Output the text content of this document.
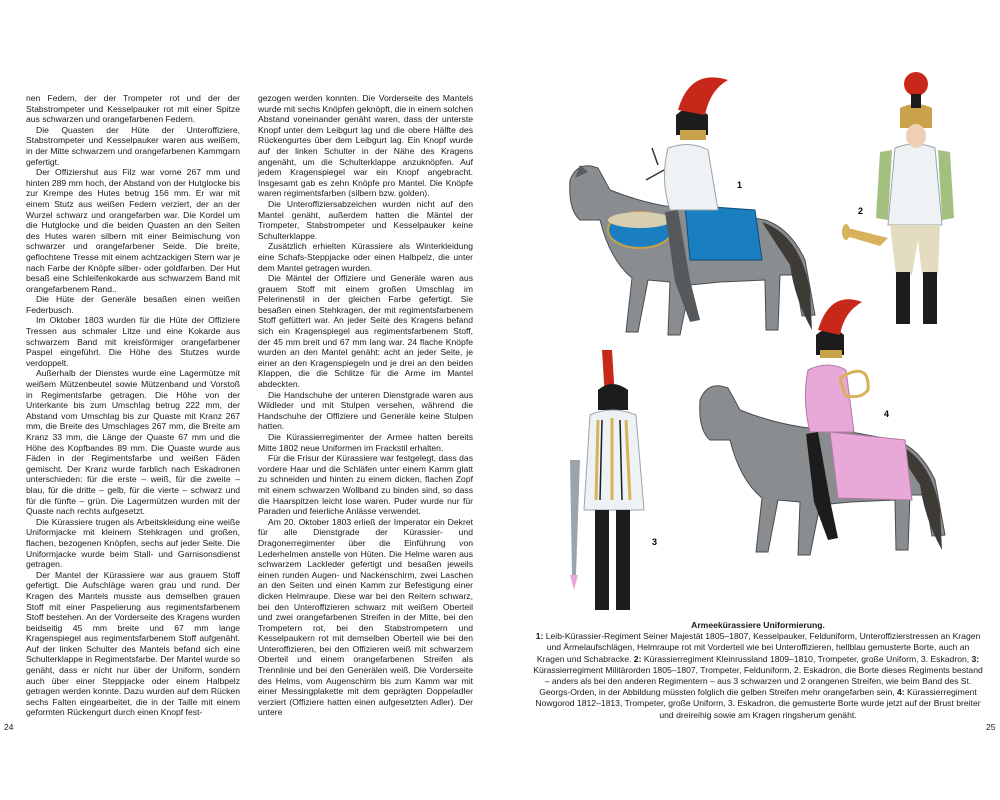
nen Federn, der der Trompeter rot und der der Stabstrompeter und Kesselpauker rot mit einer Spitze aus schwarzen und orangefarbenen Federn.

Die Quasten der Hüte der Unteroffiziere, Stabstrompeter und Kesselpauker waren aus weißem, in der Mitte schwarzem und orangefarbenen Kammgarn gefertigt.

Der Offiziershut aus Filz war vorne 267 mm und hinten 289 mm hoch, der Abstand von der Hutglocke bis zur Krempe des Hutes betrug 156 mm. Er war mit einem Stutz aus weißen Federn verziert, der an der Wurzel schwarz und orangefarben war. Die Kordel um die Hutglocke und die beiden Quasten an den Seiten des Hutes waren silbern mit einer Beimischung von schwarzer und orangefarbener Seide. Die breite, geflochtene Tresse mit einem achtzackigen Stern war je nach Farbe der Knöpfe silber- oder goldfarben. Der Hut besaß eine Schleifenkokarde aus schwarzem Band mit orangefarbenem Rand..

Die Hüte der Generäle besaßen einen weißen Federbusch.

Im Oktober 1803 wurden für die Hüte der Offiziere Tressen aus schmaler Litze und eine Kokarde aus schwarzem Band mit kreisförmiger orangefarbener Paspel eingeführt. Die Höhe des Stutzes wurde verdoppelt.

Außerhalb der Dienstes wurde eine Lagermütze mit weißem Mützenbeutel sowie Mützenband und Vorstoß in Regimentsfarbe getragen. Die Höhe von der Unterkante bis zum Umschlag betrug 222 mm, der Abstand vom Umschlag bis zur Quaste mit Kranz 267 mm, die Breite des Umschlages 267 mm, die Breite am Kranz 33 mm, die Länge der Quaste 67 mm und die Höhe des Kopfbandes 89 mm. Die Quaste wurde aus Fäden in der Regimentsfarbe und weißen Fäden gemischt. Der Kranz wurde farblich nach Eskadronen unterschieden: für die erste – weiß, für die zweite – blau, für die dritte – gelb, für die vierte – schwarz und für die fünfte – grün. Die Lagermützen wurden mit der Quaste nach rechts aufgesetzt.

Die Kürassiere trugen als Arbeitskleidung eine weiße Uniformjacke mit kleinem Stehkragen und großen, flachen, bezogenen Knöpfen, sechs auf jeder Seite. Die Uniformjacke wurde beim Stall- und Garnisonsdienst getragen.

Der Mantel der Kürassiere war aus grauem Stoff gefertigt. Die Aufschläge waren grau und rund. Der Kragen des Mantels musste aus demselben grauen Stoff mit einer Paspelierung aus regimentsfarbenem Stoff bestehen. An der Vorderseite des Kragens wurden beidseitig 45 mm breite und 67 mm lange Kragenspiegel aus regimentsfarbenem Stoff aufgenäht. Auf der linken Schulter des Mantels befand sich eine Schulterklappe in Regimentsfarbe. Der Mantel wurde so genäht, dass er nicht nur über der Uniform, sondern auch über einer Steppjacke oder einem Halbpelz getragen werden konnte. Dazu wurden auf dem Rücken sechs Falten eingearbeitet, die in der Taille mit einem geformten Rückengurt durch einen Knopf fest-

gezogen werden konnten. Die Vorderseite des Mantels wurde mit sechs Knöpfen geknöpft, die in einem solchen Abstand voneinander genäht waren, dass der unterste Knopf unter dem Leibgurt lag und die obere Hälfte des Rückengurtes über dem Leibgurt lag. Ein Knopf wurde auf der linken Schulter in der Nähe des Kragens angenäht, um die Schulterklappe anzuknöpfen. Auf jedem Kragenspiegel war ein Knopf angebracht. Insgesamt gab es zehn Knöpfe pro Mantel. Die Knöpfe waren regimentsfarben (silbern bzw. golden).

Die Unteroffiziersabzeichen wurden nicht auf den Mantel genäht, außerdem hatten die Mäntel der Trompeter, Stabstrompeter und Kesselpauker keine Schulterklappe.

Zusätzlich erhielten Kürassiere als Winterkleidung eine Schafs-Steppjacke oder einen Halbpelz, die unter dem Mantel getragen wurden.

Die Mäntel der Offiziere und Generäle waren aus grauem Stoff mit einem großen Umschlag im Pelerinenstil in der gleichen Farbe gefertigt. Sie besaßen einen Stehkragen, der mit regimentsfarbenem Stoff gefüttert war. An jeder Seite des Kragens befand sich ein Kragenspiegel aus regimentsfarbenem Stoff, der 45 mm breit und 67 mm lang war. 24 flache Knöpfe wurden an den Mantel genäht: acht an jeder Seite, je einer an den Kragenspiegeln und je drei an den beiden Klappen, die die Schlitze für die Arme im Mantel abdeckten.

Die Handschuhe der unteren Dienstgrade waren aus Wildleder und mit Stulpen versehen, während die Handschuhe der Offiziere und Generäle keine Stulpen hatten.

Die Kürassierregimenter der Armee hatten bereits Mitte 1802 neue Uniformen im Frackstil erhalten.

Für die Frisur der Kürassiere war festgelegt, dass das vordere Haar und die Schläfen unter einem Kamm glatt zu schneiden und hinten zu einem dicken, flachen Zopf mit einem schwarzen Wollband zu binden sind, so dass die Haarspitzen leicht lose waren. Puder wurde nur für Paraden und feierliche Anlässe verwendet.

Am 20. Oktober 1803 erließ der Imperator ein Dekret für alle Dienstgrade der Kürassier- und Dragonerregimenter über die Einführung von Lederhelmen anstelle von Hüten. Die Helme waren aus schwarzem Lackleder gefertigt und besaßen jeweils einen runden Augen- und Nackenschirm, zwei Laschen an den Seiten und einen Kamm zur Befestigung einer dicken Helmraupe. Diese war bei den Reitern schwarz, bei den Unteroffizieren schwarz mit weißem Oberteil und zwei orangefarbenen Streifen in der Mitte, bei den Trompetern rot, bei den Stabstrompetern und Kesselpaukern rot mit demselben Oberteil wie bei den Unteroffizieren, bei den Offizieren weiß mit schwarzem Oberteil und einem orangefarbenen Streifen als Trennlinie und bei den Generälen weiß. Die Vorderseite des Helms, vom Augenschirm bis zum Kamm war mit einer Messingplakette mit dem geprägten Doppeladler verziert (Offiziere hatten einen aufgesetzten Adler). Der untere

1
2
3
4
Armeekürassiere Uniformierung.
1: Leib-Kürassier-Regiment Seiner Majestät 1805–1807, Kesselpauker, Felduniform, Unteroffizierstressen an Kragen und Ärmelaufschlägen, Helmraupe rot mit Vorderteil wie bei Unteroffizieren, hellblau gemusterte Borte, auch an Kragen und Schabracke. 2: Kürassierregiment Kleinrussland 1809–1810, Trompeter, große Uniform, 3. Eskadron, 3: Kürassierregiment Militärorden 1805–1807, Trompeter, Felduniform, 2. Eskadron, die Borte dieses Regiments bestand – anders als bei den anderen Regimentern – aus 3 schwarzen und 2 orangenen Streifen, wie beim Band des St. Georgs-Orden, in der Abbildung müssten folglich die gelben Streifen mehr orangefarben sein, 4: Kürassierregiment Nowgorod 1812–1813, Trompeter, große Uniform, 3. Eskadron, die gemusterte Borte wurde jetzt auf der Brust breiter und dreireihig sowie am Kragen ringsherum genäht.
24	25
